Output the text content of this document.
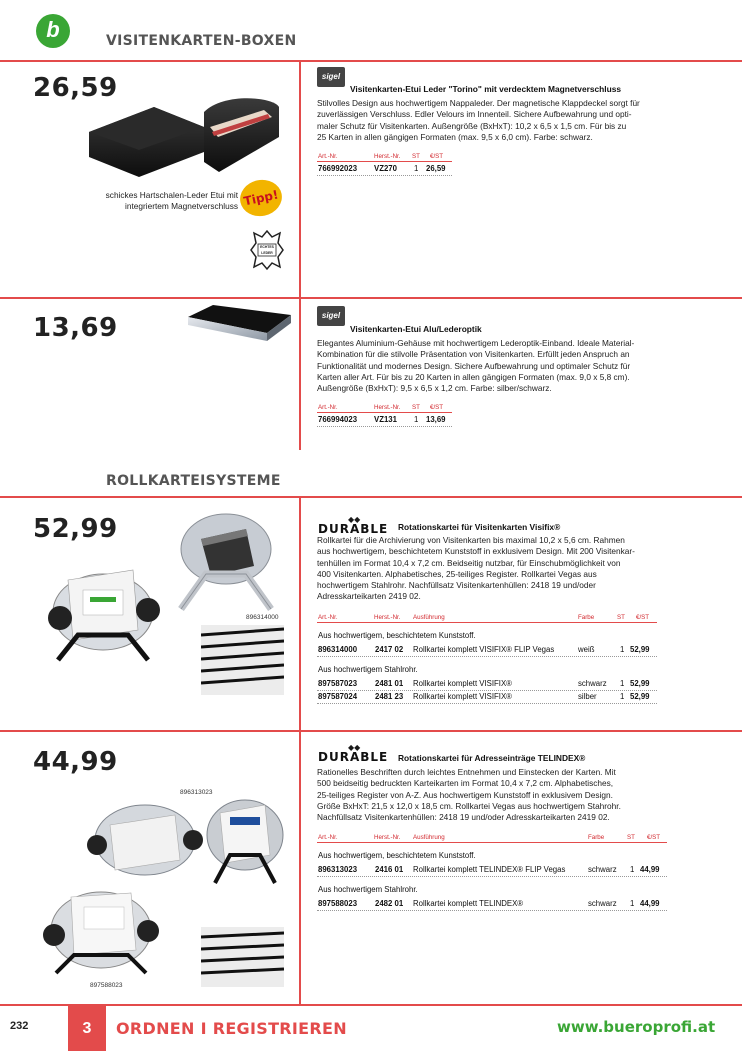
b	VISITENKARTEN-BOXEN
26,59
schickes Hartschalen-Leder Etui mit
integriertem Magnetverschluss Tipp!
ECHTES LEDER
sigel
Visitenkarten-Etui Leder "Torino" mit verdecktem Magnetverschluss
Stilvolles Design aus hochwertigem Nappaleder. Der magnetische Klappdeckel sorgt für
zuverlässigen Verschluss. Edler Velours im Innenteil. Sichere Aufbewahrung und opti-
maler Schutz für Visitenkarten. Außengröße (BxHxT): 10,2 x 6,5 x 1,5 cm. Für bis zu
25 Karten in allen gängigen Formaten (max. 9,5 x 6,0 cm). Farbe: schwarz.
Art.-Nr.	Herst.-Nr. ST €/ST
766992023 VZ270 1 26,59
13,69	sigel
Visitenkarten-Etui Alu/Lederoptik
Elegantes Aluminium-Gehäuse mit hochwertigem Lederoptik-Einband. Ideale Material-
Kombination für die stilvolle Präsentation von Visitenkarten. Erfüllt jeden Anspruch an
Funktionalität und modernes Design. Sichere Aufbewahrung und optimaler Schutz für
Karten aller Art. Für bis zu 20 Karten in allen gängigen Formaten (max. 9,0 x 5,8 cm).
Außengröße (BxHxT): 9,5 x 6,5 x 1,2 cm. Farbe: silber/schwarz.
Art.-Nr.	Herst.-Nr. ST €/ST
766994023 VZ131 1 13,69
ROLLKARTEISYSTEME
52,99
896314000
DURABLE
◆◆
Rotationskartei für Visitenkarten Visifix®
Rollkartei für die Archivierung von Visitenkarten bis maximal 10,2 x 5,6 cm. Rahmen
aus hochwertigem, beschichtetem Kunststoff in exklusivem Design. Mit 200 Visitenkar-
tenhüllen im Format 10,4 x 7,2 cm. Beidseitig nutzbar, für Einschubmöglichkeit von
400 Visitenkarten. Alphabetisches, 25-teiliges Register. Rollkartei Vegas aus
hochwertigem Stahlrohr. Nachfüllsatz Visitenkartenhüllen: 2418 19 und/oder
Adresskarteikarten 2419 02.
Art.-Nr.	Herst.-Nr. Ausführung	Farbe	ST €/ST
Aus hochwertigem, beschichtetem Kunststoff.
896314000 2417 02 Rollkartei komplett VISIFIX® FLIP Vegas	weiß	1 52,99
Aus hochwertigem Stahlrohr.
897587023 2481 01 Rollkartei komplett VISIFIX®	schwarz 1 52,99
897587024 2481 23 Rollkartei komplett VISIFIX®	silber	1 52,99
44,99
896313023
897588023
DURABLE
◆◆
Rotationskartei für Adresseinträge TELINDEX®
Rationelles Beschriften durch leichtes Entnehmen und Einstecken der Karten. Mit
500 beidseitig bedruckten Karteikarten im Format 10,4 x 7,2 cm. Alphabetisches,
25-teiliges Register von A-Z. Aus hochwertigem Kunststoff in exklusivem Design.
Größe BxHxT: 21,5 x 12,0 x 18,5 cm. Rollkartei Vegas aus hochwertigem Stahrohr.
Nachfüllsatz Visitenkartenhüllen: 2418 19 und/oder Adresskarteikarten 2419 02.
Art.-Nr.	Herst.-Nr. Ausführung	Farbe	ST €/ST
Aus hochwertigem, beschichtetem Kunststoff.
896313023 2416 01 Rollkartei komplett TELINDEX® FLIP Vegas	schwarz 1 44,99
Aus hochwertigem Stahlrohr.
897588023 2482 01 Rollkartei komplett TELINDEX®	schwarz 1 44,99
232	3	ORDNEN I REGISTRIEREN	www.bueroprofi.at
